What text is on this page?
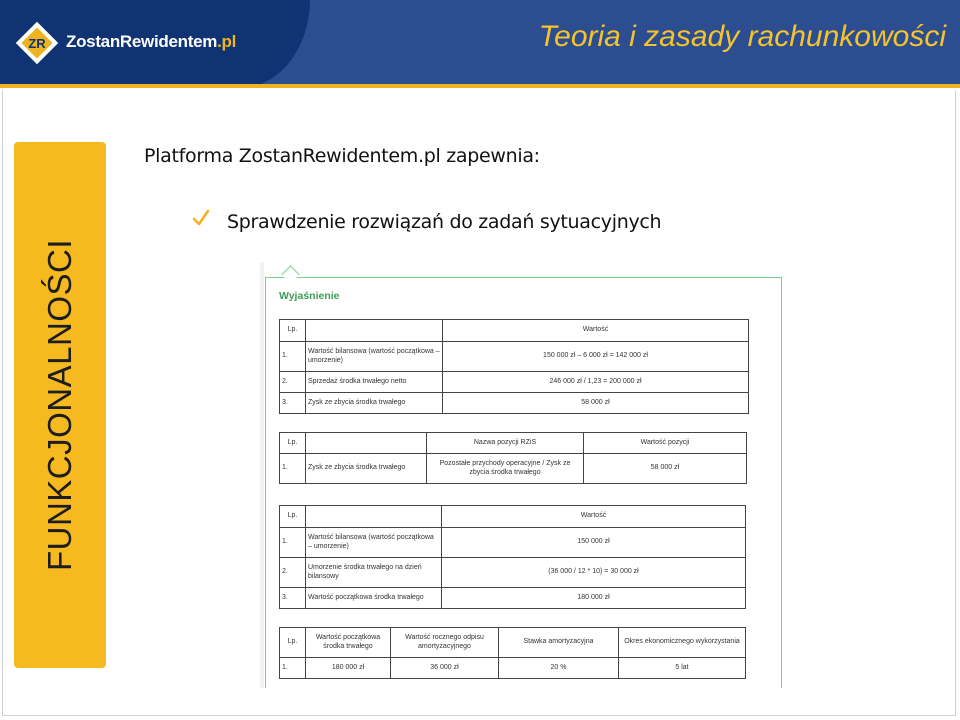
ZR ZostanRewidentem.pl	Teoria i zasady rachunkowości
FUNKCJONALNOŚCI
Platforma ZostanRewidentem.pl zapewnia:
Sprawdzenie rozwiązań do zadań sytuacyjnych
Wyjaśnienie
Lp.		Wartość
1.	Wartość bilansowa (wartość początkowa – umorzenie)	150 000 zł – 6 000 zł = 142 000 zł
2.	Sprzedaż środka trwałego netto	246 000 zł / 1,23 = 200 000 zł
3.	Zysk ze zbycia środka trwałego	58 000 zł
Lp.		Nazwa pozycji RZiS	Wartość pozycji
1.	Zysk ze zbycia środka trwałego	Pozostałe przychody operacyjne / Zysk ze zbycia środka trwałego	58 000 zł
Lp.		Wartość
1.	Wartość bilansowa (wartość początkowa – umorzenie)	150 000 zł
2.	Umorzenie środka trwałego na dzień bilansowy	(36 000 / 12 * 10) = 30 000 zł
3.	Wartość początkowa środka trwałego	180 000 zł
Lp.	Wartość początkowa środka trwałego	Wartość rocznego odpisu amortyzacyjnego	Stawka amortyzacyjna	Okres ekonomicznego wykorzystania
1.	180 000 zł	36 000 zł	20 %	5 lat
